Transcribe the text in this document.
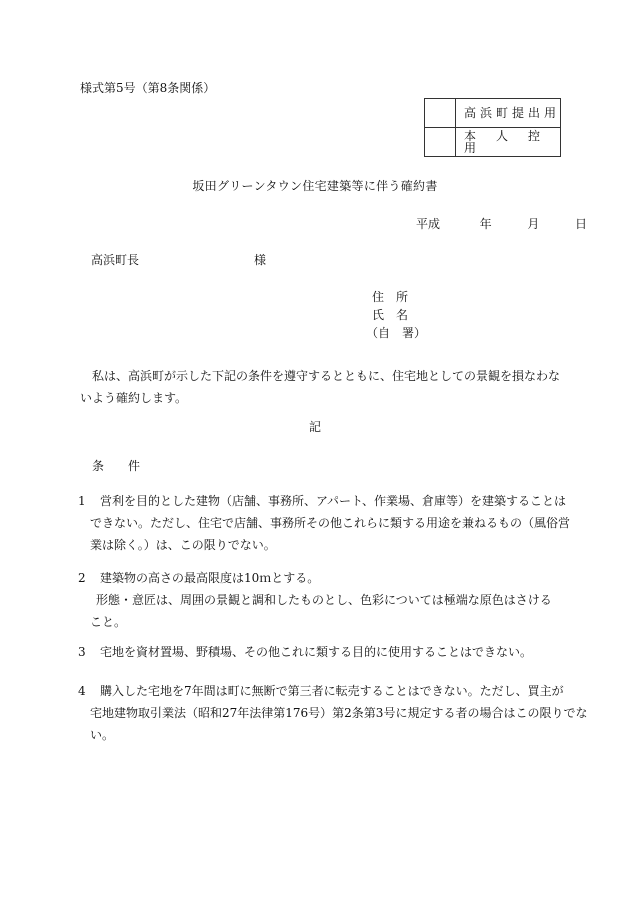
様式第5号（第8条関係）
	高浜町提出用
	本　人　控　用
坂田グリーンタウン住宅建築等に伴う確約書
平成	年	月	日
高浜町長	様
住　所
氏　名
（自　署）
私は、高浜町が示した下記の条件を遵守するとともに、住宅地としての景観を損なわな
いよう確約します。
記
条　件
1 営利を目的とした建物（店舗、事務所、アパート、作業場、倉庫等）を建築することは
できない。ただし、住宅で店舗、事務所その他これらに類する用途を兼ねるもの（風俗営
業は除く。）は、この限りでない。
2 建築物の高さの最高限度は10ｍとする。
形態・意匠は、周囲の景観と調和したものとし、色彩については極端な原色はさける
こと。
3 宅地を資材置場、野積場、その他これに類する目的に使用することはできない。
4 購入した宅地を7年間は町に無断で第三者に転売することはできない。ただし、買主が
宅地建物取引業法（昭和27年法律第176号）第2条第3号に規定する者の場合はこの限りでな
い。
